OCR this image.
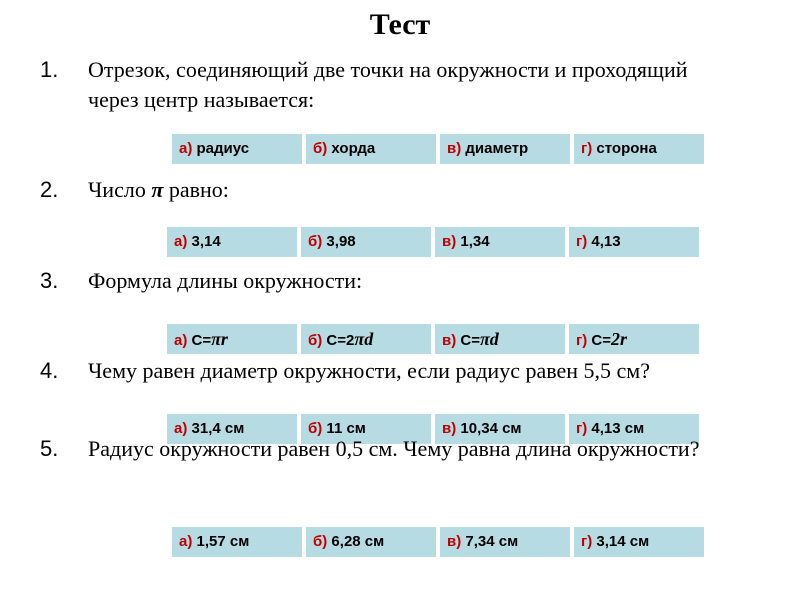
Тест
1. Отрезок, соединяющий две точки на окружности и проходящий через центр называется:
а) радиус	б) хорда	в) диаметр	г) сторона
2. Число π равно:
а) 3,14	б) 3,98	в) 1,34	г) 4,13
3. Формула длины окружности:
а) C=πr	б) C=2πd	в) C=πd	г) C=2r
4. Чему равен диаметр окружности, если радиус равен 5,5 см?
а) 31,4 см	б) 11 см	в) 10,34 см	г) 4,13 см
5. Радиус окружности равен 0,5 см. Чему равна длина окружности?
а) 1,57 см	б) 6,28 см	в) 7,34 см	г) 3,14 см
